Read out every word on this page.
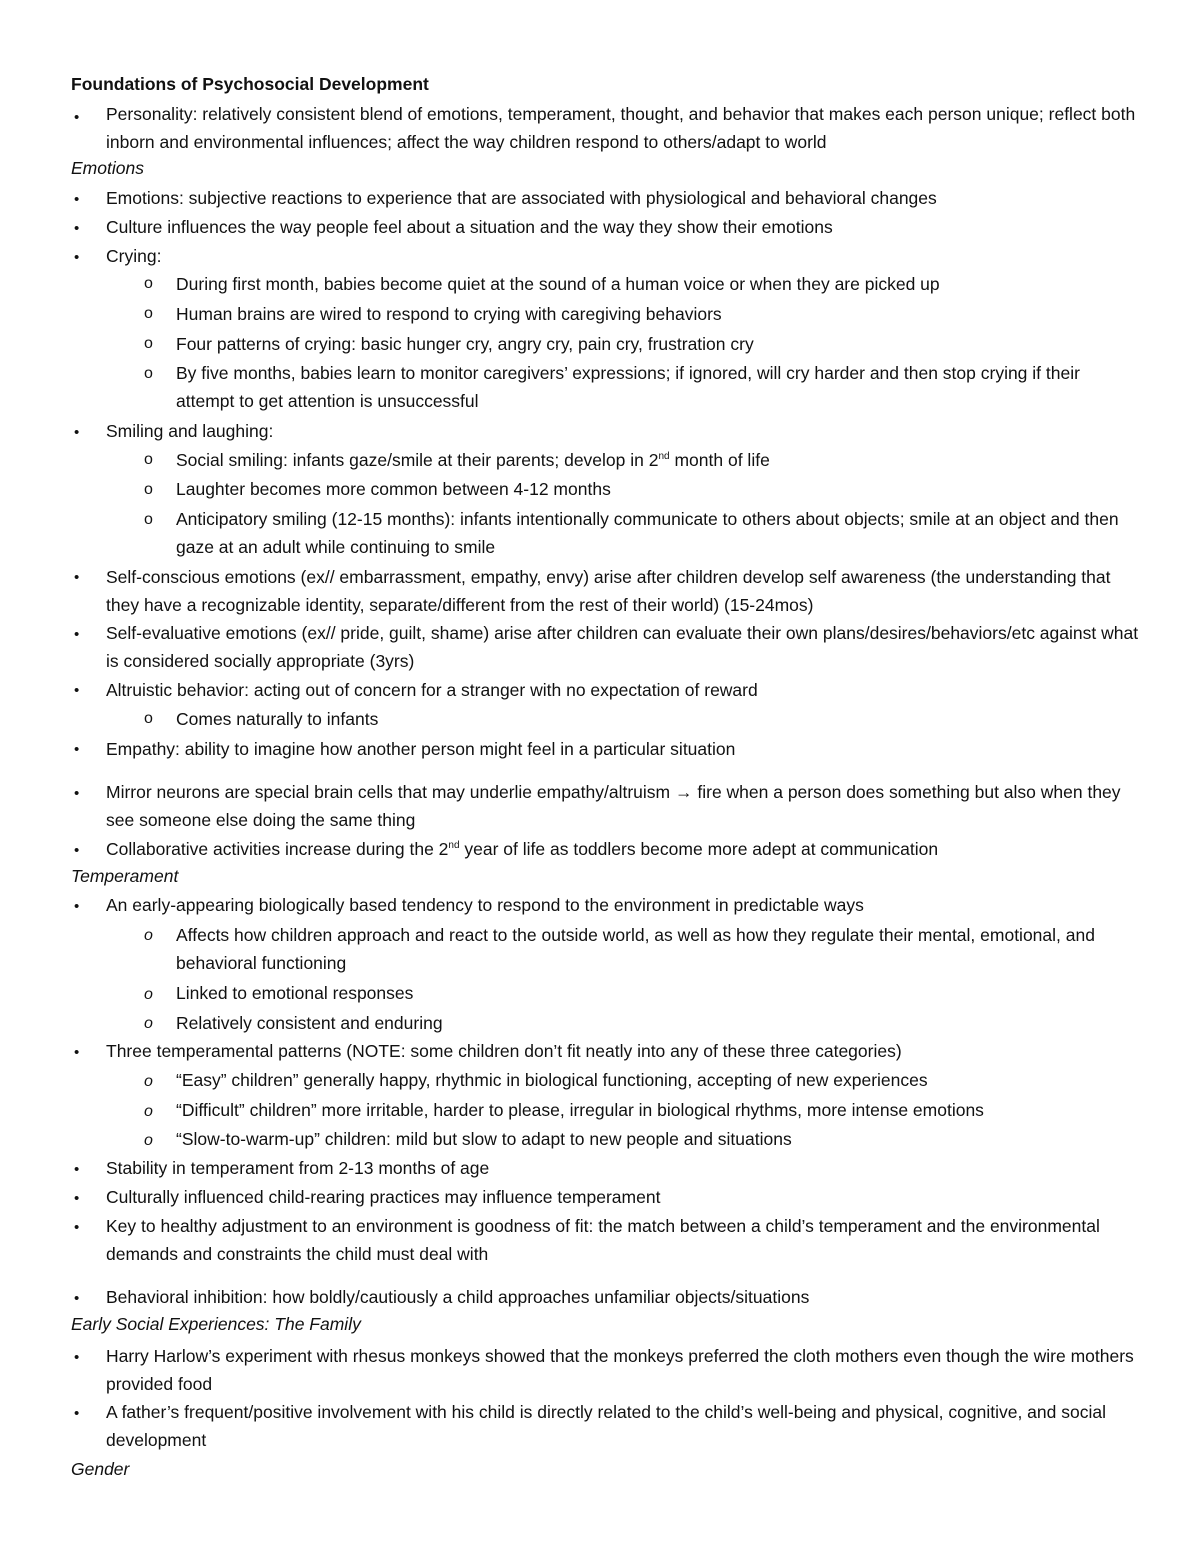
Foundations of Psychosocial Development
• Personality: relatively consistent blend of emotions, temperament, thought, and behavior that makes each person unique; reflect both inborn and environmental influences; affect the way children respond to others/adapt to world
Emotions
• Emotions: subjective reactions to experience that are associated with physiological and behavioral changes
• Culture influences the way people feel about a situation and the way they show their emotions
• Crying:
o During first month, babies become quiet at the sound of a human voice or when they are picked up
o Human brains are wired to respond to crying with caregiving behaviors
o Four patterns of crying: basic hunger cry, angry cry, pain cry, frustration cry
o By five months, babies learn to monitor caregivers’ expressions; if ignored, will cry harder and then stop crying if their attempt to get attention is unsuccessful
• Smiling and laughing:
o Social smiling: infants gaze/smile at their parents; develop in 2nd month of life
o Laughter becomes more common between 4-12 months
o Anticipatory smiling (12-15 months): infants intentionally communicate to others about objects; smile at an object and then gaze at an adult while continuing to smile
• Self-conscious emotions (ex// embarrassment, empathy, envy) arise after children develop self awareness (the understanding that they have a recognizable identity, separate/different from the rest of their world) (15-24mos)
• Self-evaluative emotions (ex// pride, guilt, shame) arise after children can evaluate their own plans/desires/behaviors/etc against what is considered socially appropriate (3yrs)
• Altruistic behavior: acting out of concern for a stranger with no expectation of reward
o Comes naturally to infants
• Empathy: ability to imagine how another person might feel in a particular situation
• Mirror neurons are special brain cells that may underlie empathy/altruism → fire when a person does something but also when they see someone else doing the same thing
• Collaborative activities increase during the 2nd year of life as toddlers become more adept at communication
Temperament
• An early-appearing biologically based tendency to respond to the environment in predictable ways
o Affects how children approach and react to the outside world, as well as how they regulate their mental, emotional, and behavioral functioning
o Linked to emotional responses
o Relatively consistent and enduring
• Three temperamental patterns (NOTE: some children don’t fit neatly into any of these three categories)
o “Easy” children” generally happy, rhythmic in biological functioning, accepting of new experiences
o “Difficult” children” more irritable, harder to please, irregular in biological rhythms, more intense emotions
o “Slow-to-warm-up” children: mild but slow to adapt to new people and situations
• Stability in temperament from 2-13 months of age
• Culturally influenced child-rearing practices may influence temperament
• Key to healthy adjustment to an environment is goodness of fit: the match between a child’s temperament and the environmental demands and constraints the child must deal with
• Behavioral inhibition: how boldly/cautiously a child approaches unfamiliar objects/situations
Early Social Experiences: The Family
• Harry Harlow’s experiment with rhesus monkeys showed that the monkeys preferred the cloth mothers even though the wire mothers provided food
• A father’s frequent/positive involvement with his child is directly related to the child’s well-being and physical, cognitive, and social development
Gender
